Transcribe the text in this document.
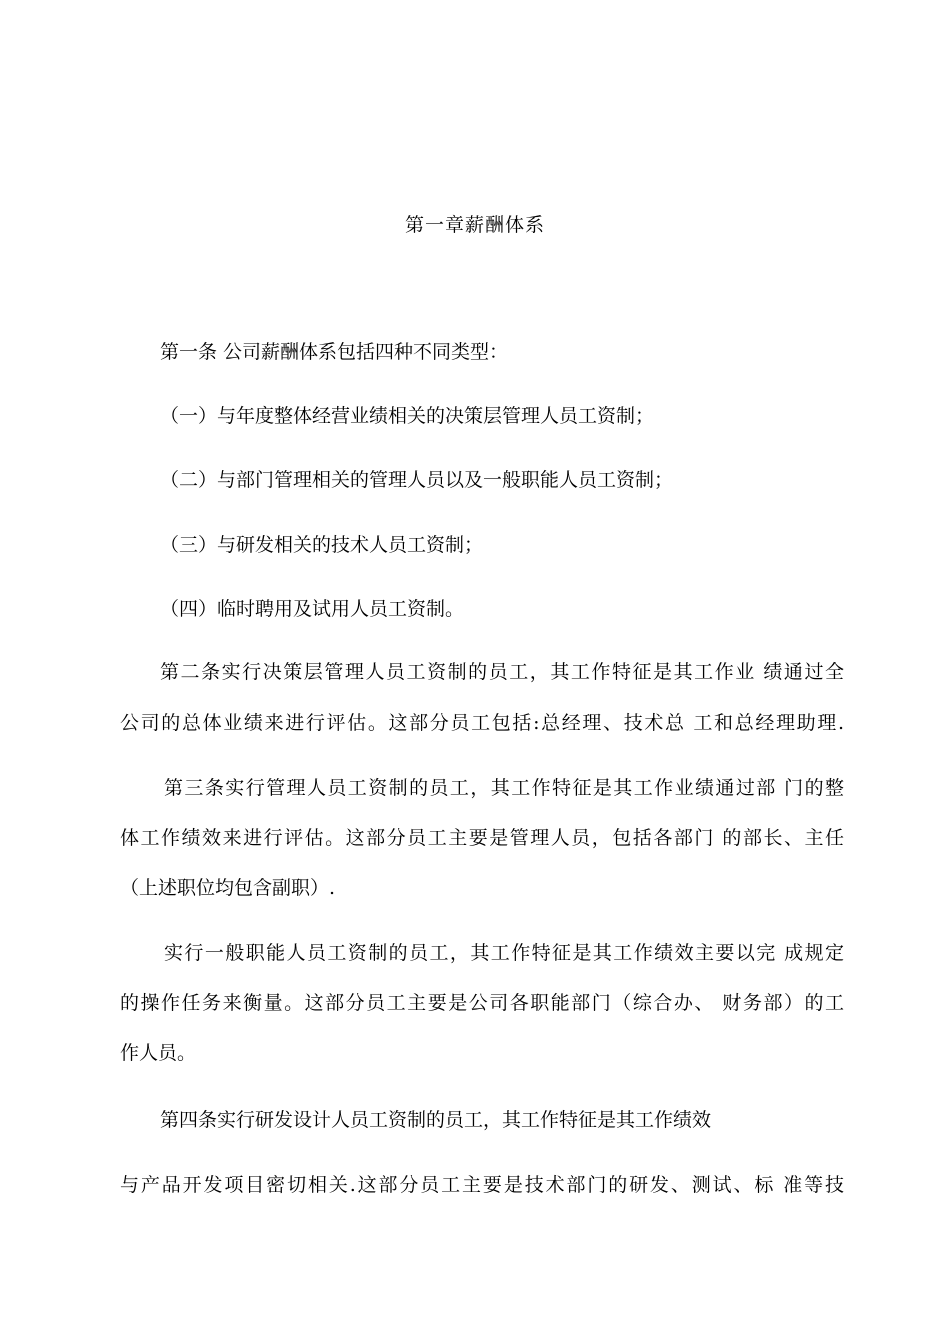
第一章薪酬体系
第一条 公司薪酬体系包括四种不同类型：
（一）与年度整体经营业绩相关的决策层管理人员工资制；
（二）与部门管理相关的管理人员以及一般职能人员工资制；
（三）与研发相关的技术人员工资制；
（四）临时聘用及试用人员工资制。
第二条实行决策层管理人员工资制的员工，其工作特征是其工作业 绩通过全
公司的总体业绩来进行评估。这部分员工包括:总经理、技术总 工和总经理助理.
第三条实行管理人员工资制的员工，其工作特征是其工作业绩通过部 门的整
体工作绩效来进行评估。这部分员工主要是管理人员，包括各部门 的部长、主任
（上述职位均包含副职）.
实行一般职能人员工资制的员工，其工作特征是其工作绩效主要以完 成规定
的操作任务来衡量。这部分员工主要是公司各职能部门（综合办、 财务部）的工
作人员。
第四条实行研发设计人员工资制的员工，其工作特征是其工作绩效
与产品开发项目密切相关.这部分员工主要是技术部门的研发、测试、标 准等技
